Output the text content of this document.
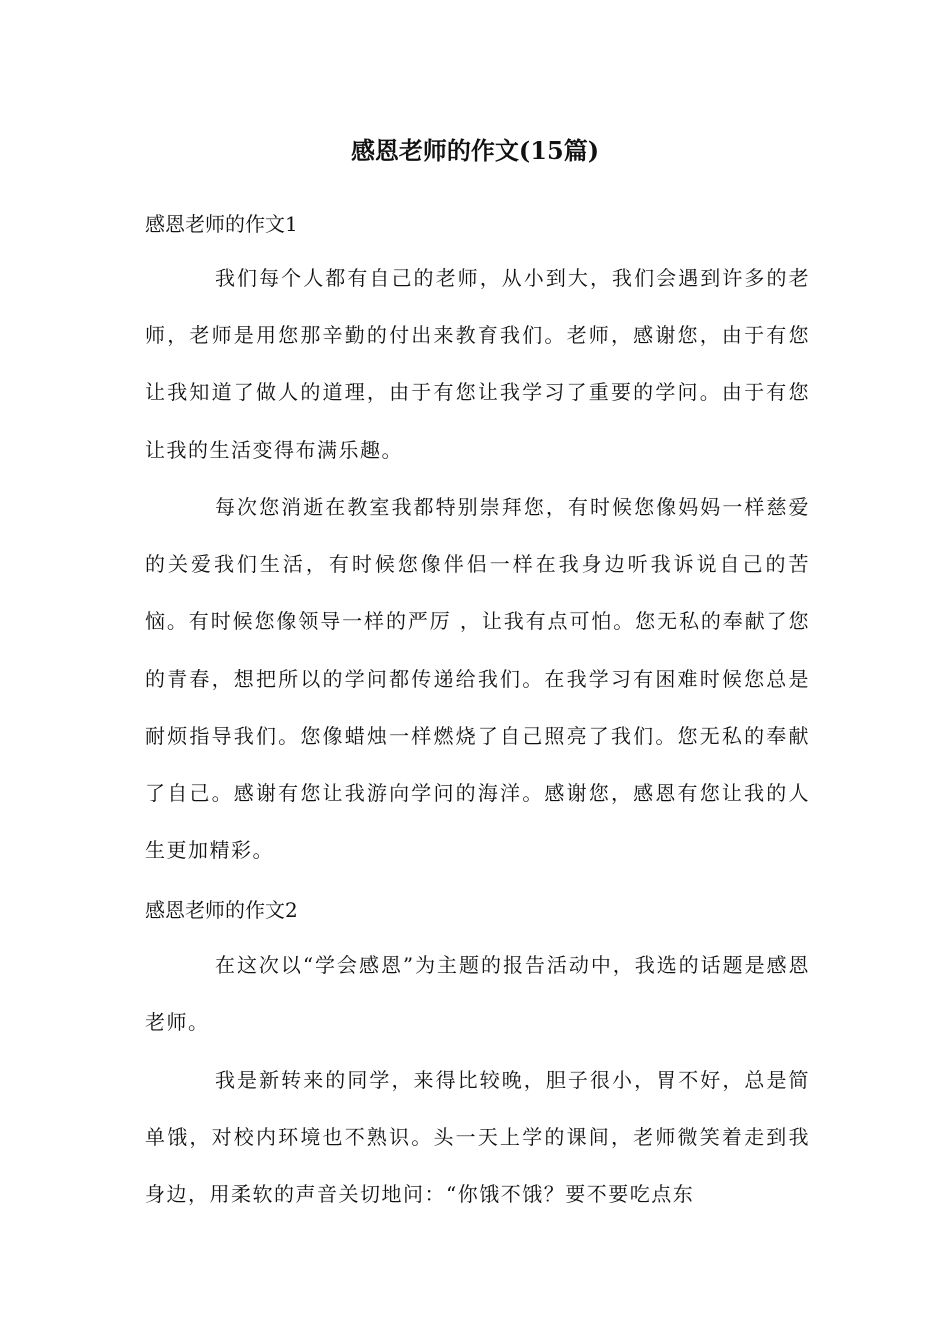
感恩老师的作文(15篇)
感恩老师的作文1
我们每个人都有自己的老师，从小到大，我们会遇到许多的老师，老师是用您那辛勤的付出来教育我们。老师，感谢您，由于有您让我知道了做人的道理，由于有您让我学习了重要的学问。由于有您让我的生活变得布满乐趣。
每次您消逝在教室我都特别崇拜您，有时候您像妈妈一样慈爱的关爱我们生活，有时候您像伴侣一样在我身边听我诉说自己的苦恼。有时候您像领导一样的严厉 ，让我有点可怕。您无私的奉献了您的青春，想把所以的学问都传递给我们。在我学习有困难时候您总是耐烦指导我们。您像蜡烛一样燃烧了自己照亮了我们。您无私的奉献了自己。感谢有您让我游向学问的海洋。感谢您，感恩有您让我的人生更加精彩。
感恩老师的作文2
在这次以“学会感恩”为主题的报告活动中，我选的话题是感恩老师。
我是新转来的同学，来得比较晚，胆子很小，胃不好，总是简单饿，对校内环境也不熟识。头一天上学的课间，老师微笑着走到我身边，用柔软的声音关切地问：“你饿不饿？要不要吃点东
